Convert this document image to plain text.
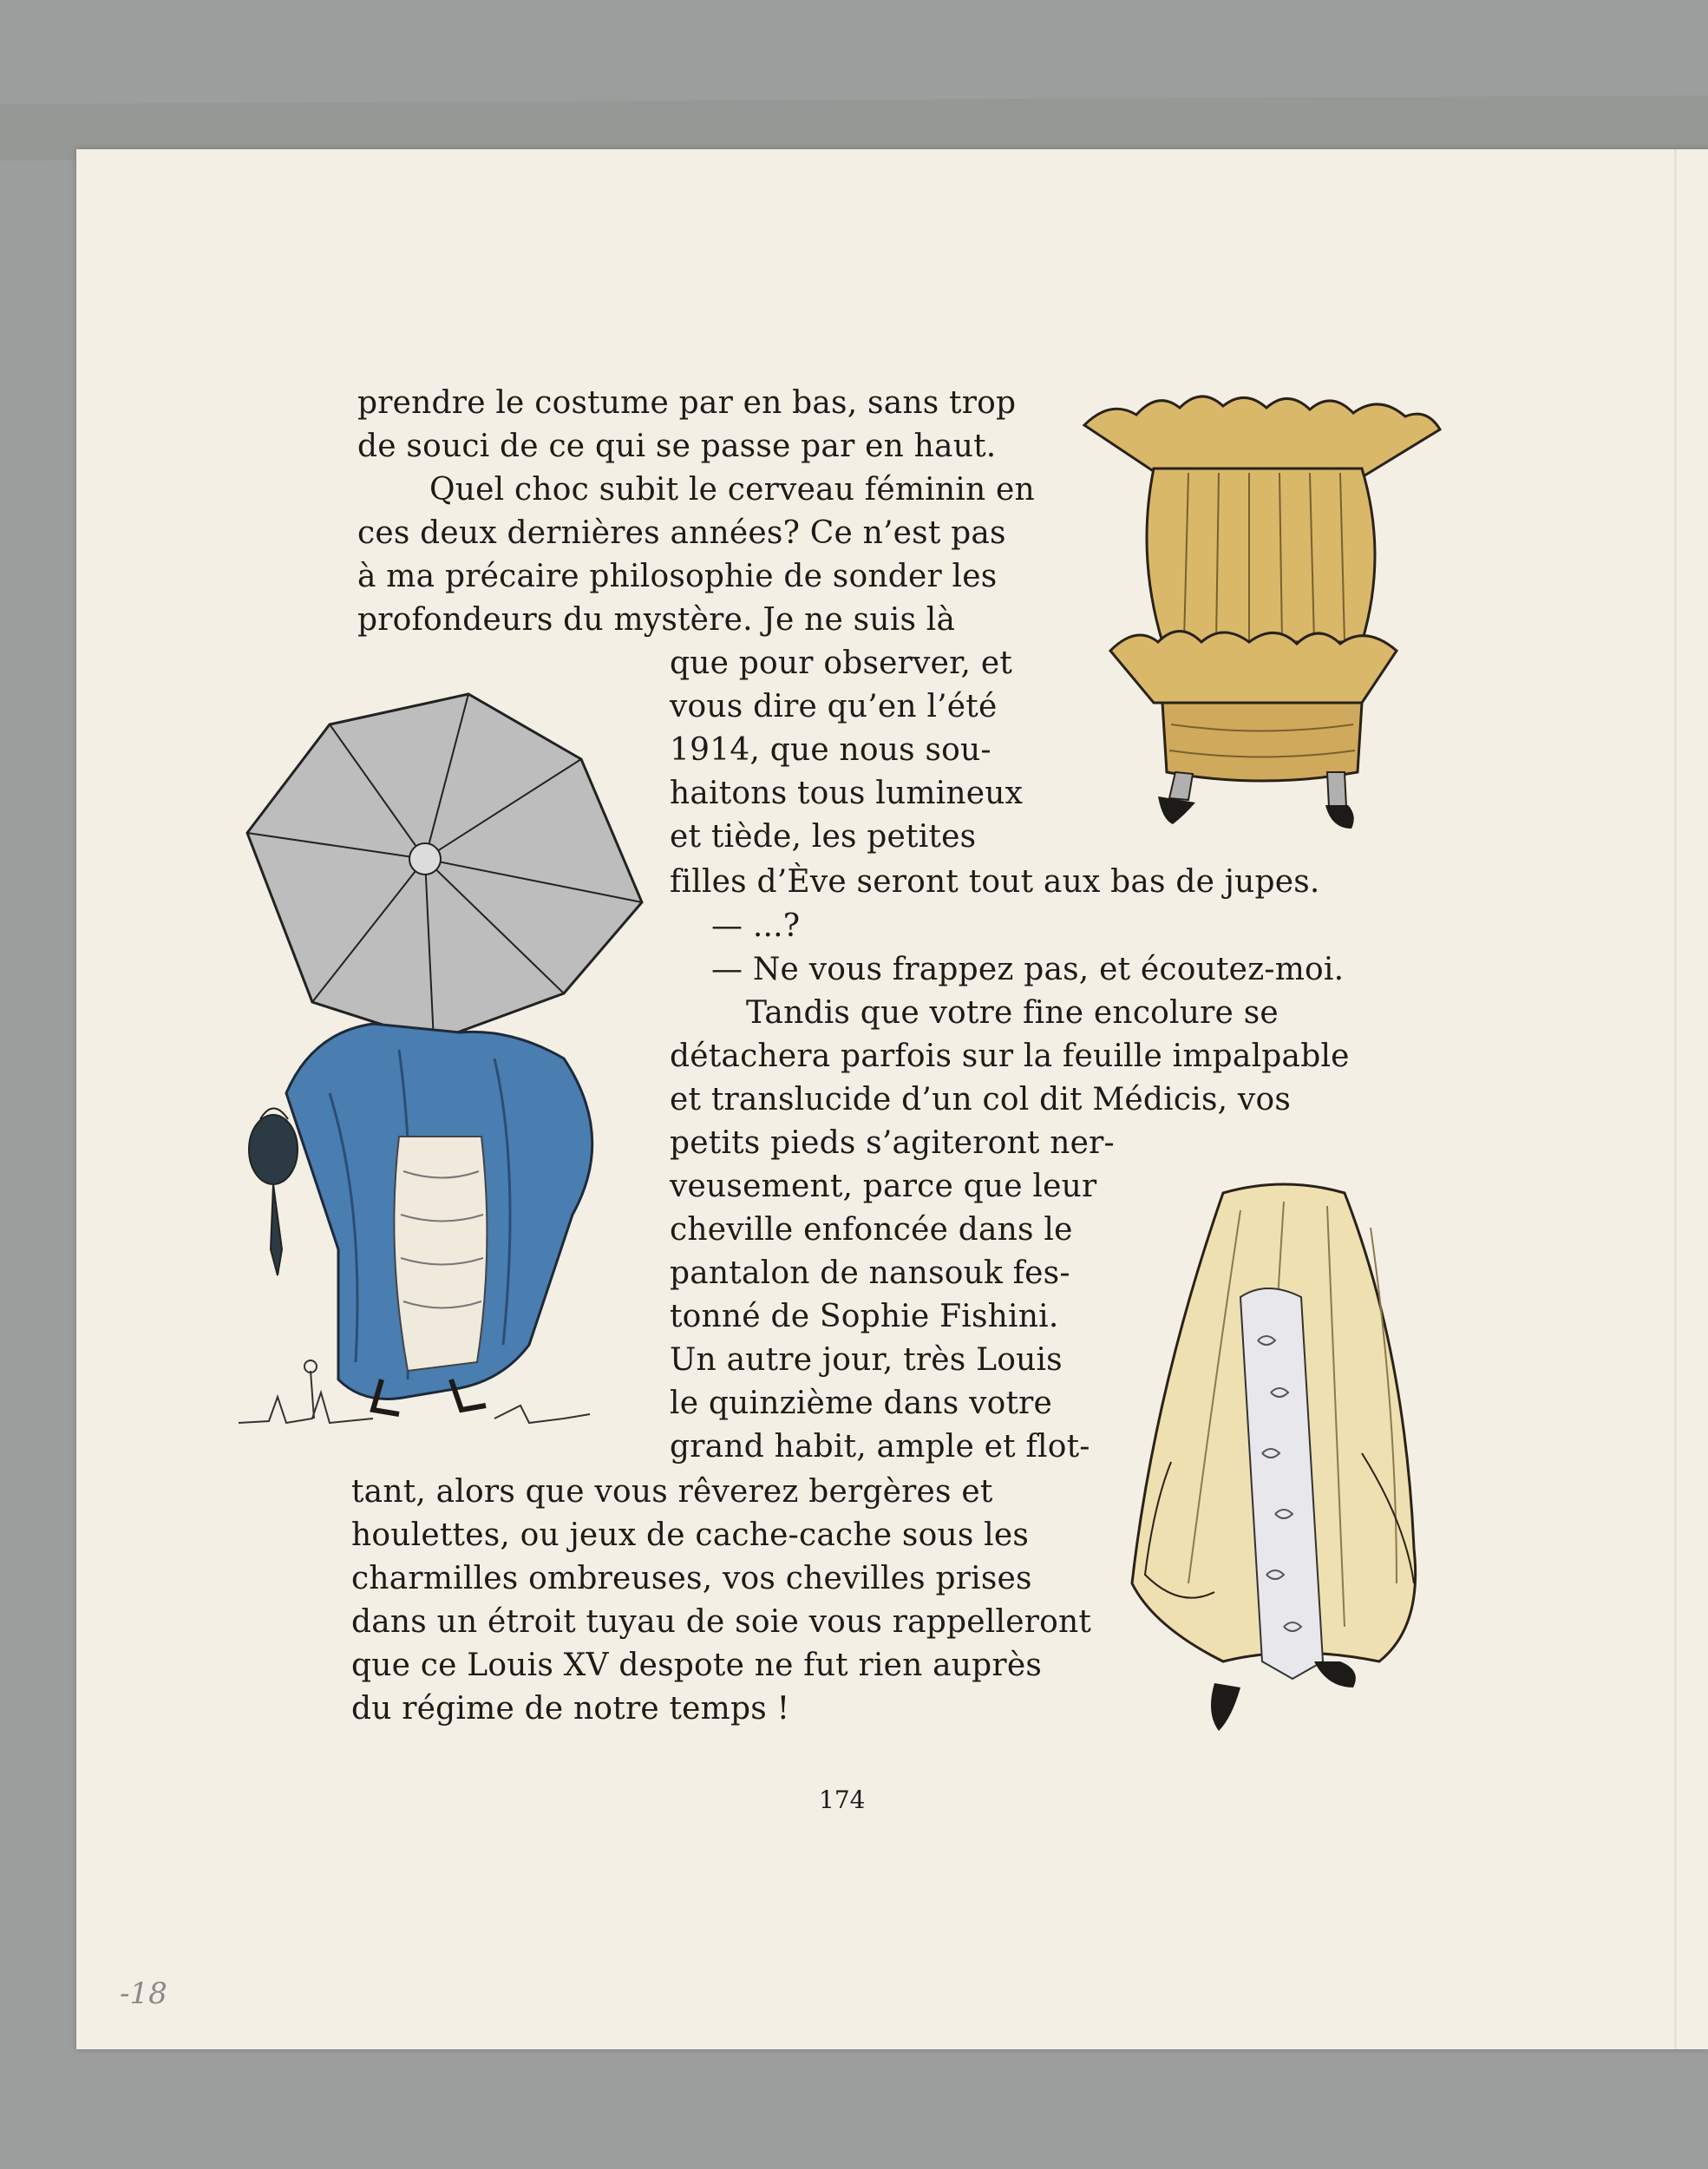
prendre le costume par en bas, sans trop

de souci de ce qui se passe par en haut.

Quel choc subit le cerveau féminin en

ces deux dernières années? Ce n’est pas

à ma précaire philosophie de sonder les

profondeurs du mystère. Je ne suis là

que pour observer, et

vous dire qu’en l’été

1914, que nous sou-

haitons tous lumineux

et tiède, les petites

filles d’Ève seront tout aux bas de jupes.

— ...?

— Ne vous frappez pas, et écoutez-moi.

Tandis que votre fine encolure se

détachera parfois sur la feuille impalpable

et translucide d’un col dit Médicis, vos

petits pieds s’agiteront ner-

veusement, parce que leur

cheville enfoncée dans le

pantalon de nansouk fes-

tonné de Sophie Fishini.

Un autre jour, très Louis

le quinzième dans votre

grand habit, ample et flot-

tant, alors que vous rêverez bergères et

houlettes, ou jeux de cache-cache sous les

charmilles ombreuses, vos chevilles prises

dans un étroit tuyau de soie vous rappelleront

que ce Louis XV despote ne fut rien auprès

du régime de notre temps !

174
-18
